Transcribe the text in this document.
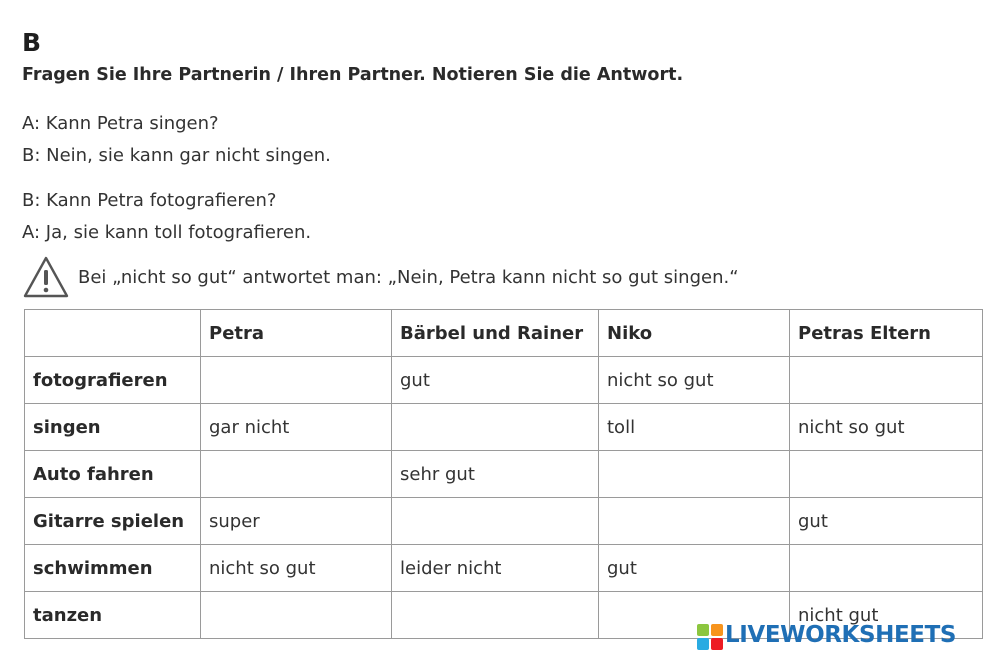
B
Fragen Sie Ihre Partnerin / Ihren Partner. Notieren Sie die Antwort.
A: Kann Petra singen?
B: Nein, sie kann gar nicht singen.
B: Kann Petra fotografieren?
A: Ja, sie kann toll fotografieren.
Bei „nicht so gut“ antwortet man: „Nein, Petra kann nicht so gut singen.“
	Petra	Bärbel und Rainer	Niko	Petras Eltern
fotografieren		gut	nicht so gut	
singen	gar nicht		toll	nicht so gut
Auto fahren		sehr gut		
Gitarre spielen	super			gut
schwimmen	nicht so gut	leider nicht	gut	
tanzen				nicht gut
LIVEWORKSHEETS
